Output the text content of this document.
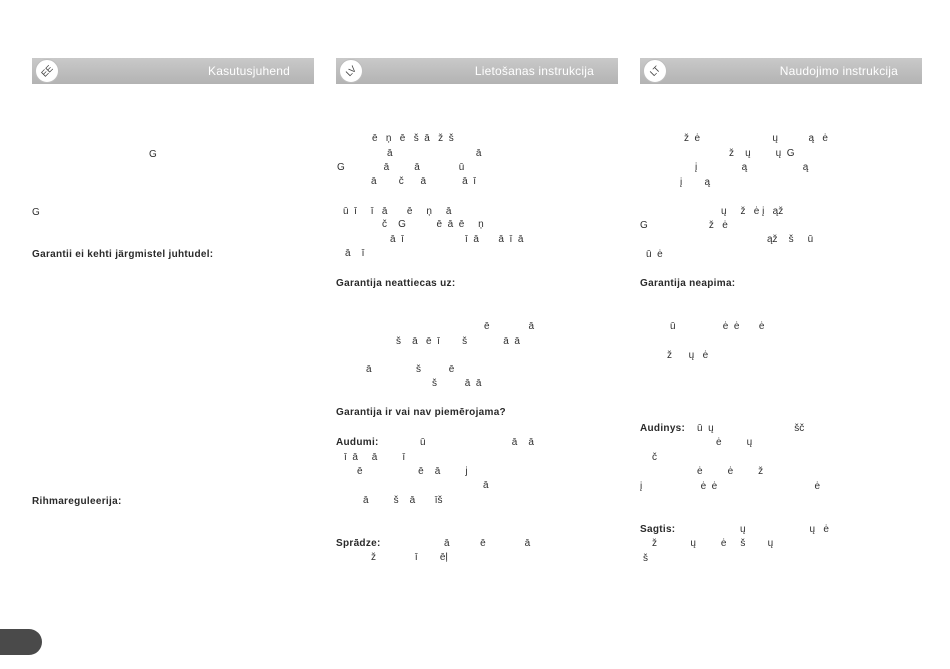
EE	Kasutusjuhend	LV	Lietošanas instrukcija	LT	Naudojimo instrukcija
G
G
Garantii ei kehti järgmistel juhtudel:
Rihmaregulеerija:
ē   ņ   ē   š  ā   ž  š
ā                              ā
G              ā         ā              ū
ā        č      ā             ā  ī
ū  ī     ī   ā       ē     ņ     ā
č    G           ē  ā  ē     ņ
ā  ī                      ī  ā       ā  ī  ā
ā    ī
Garantija neattiecas uz:
ē              ā
š    ā   ē  ī        š             ā  ā
ā                š          ē
š          ā  ā
Garantija ir vai nav piemērojama?
Audumi:	ū                               ā    ā
ī  ā     ā         ī
ē                    ē    ā         j
ā
ā         š    ā       īš
Sprādze:	ā           ē              ā
ž              ī        ēļ
ž  ė                          ų           ą   ė
ž    ų         ų  G
į                ą                    ą
į        ą
ų     ž   ė į   ąž
G                      ž   ė
ąž    š     ū
ū  ė
Garantija neapima:
ū                 ė  ė       ė
ž      ų   ė
Audinys: ū  ų                             šč
ė         ų
č
ė         ė         ž
į                     ė  ė                                   ė
Sagtis:	ų                       ų   ė
ž            ų         ė     š        ų
š
